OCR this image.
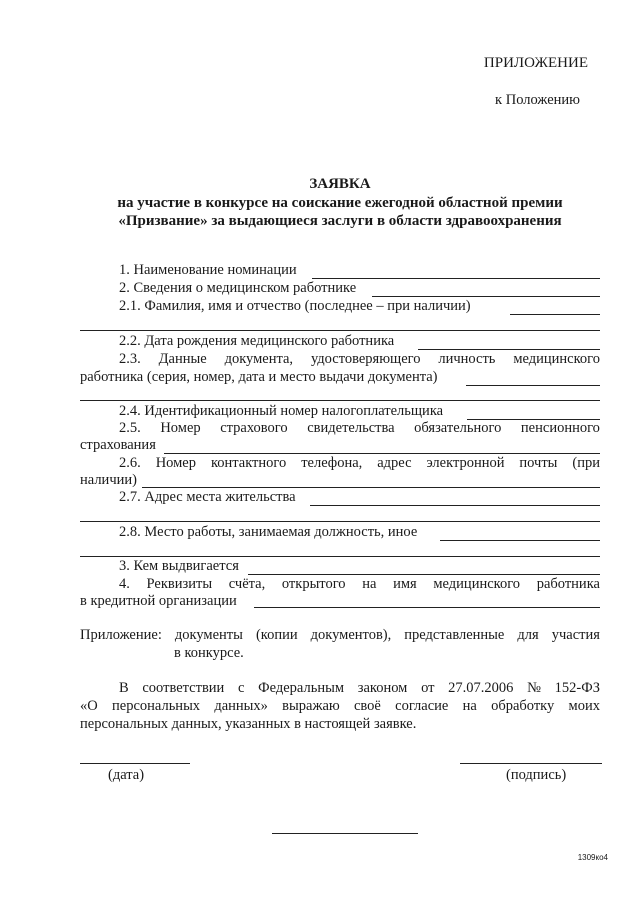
ПРИЛОЖЕНИЕ
к Положению
ЗАЯВКА
на участие в конкурсе на соискание ежегодной областной премии
«Призвание» за выдающиеся заслуги в области здравоохранения
1. Наименование номинации
2. Сведения о медицинском работнике
2.1. Фамилия, имя и отчество (последнее – при наличии)
2.2. Дата рождения медицинского работника
2.3. Данные документа, удостоверяющего личность медицинского
работника (серия, номер, дата и место выдачи документа)
2.4. Идентификационный номер налогоплательщика
2.5. Номер страхового свидетельства обязательного пенсионного
страхования
2.6. Номер контактного телефона, адрес электронной почты (при
наличии)
2.7. Адрес места жительства
2.8. Место работы, занимаемая должность, иное
3. Кем выдвигается
4. Реквизиты счёта, открытого на имя медицинского работника
в кредитной организации
Приложение: документы (копии документов), представленные для участия
в конкурсе.
В соответствии с Федеральным законом от 27.07.2006 № 152-ФЗ
«О персональных данных» выражаю своё согласие на обработку моих
персональных данных, указанных в настоящей заявке.
(дата)	(подпись)
1309ко4
